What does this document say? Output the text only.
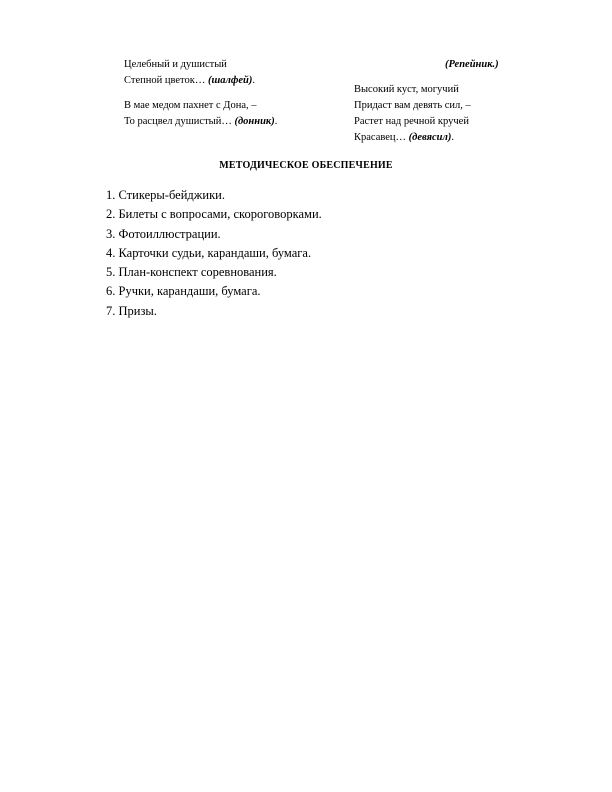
Целебный и душистый
Степной цветок… (шалфей).
В мае медом пахнет с Дона, –
То расцвел душистый… (донник).
(Репейник.)
Высокий куст, могучий
Придаст вам девять сил, –
Растет над речной кручей
Красавец… (девясил).
МЕТОДИЧЕСКОЕ ОБЕСПЕЧЕНИЕ
1. Стикеры-бейджики.
2. Билеты с вопросами, скороговорками.
3. Фотоиллюстрации.
4. Карточки судьи, карандаши, бумага.
5. План-конспект соревнования.
6. Ручки, карандаши, бумага.
7. Призы.
